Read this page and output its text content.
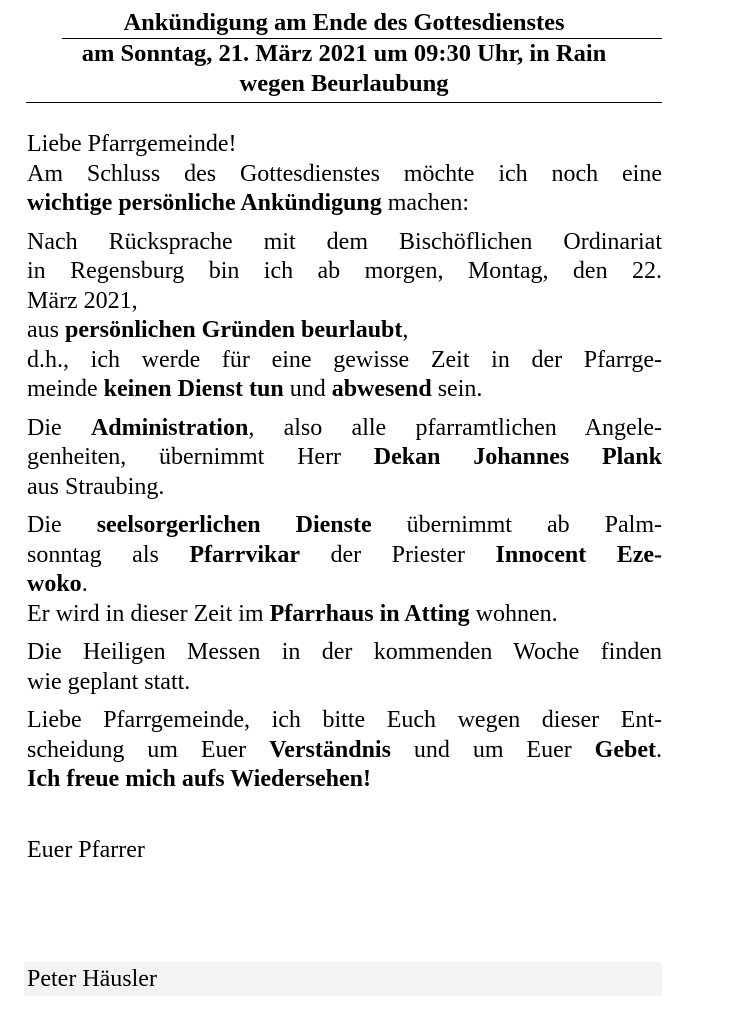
Ankündigung am Ende des Gottesdienstes
am Sonntag, 21. März 2021 um 09:30 Uhr, in Rain
wegen Beurlaubung

Liebe Pfarrgemeinde!
Am Schluss des Gottesdienstes möchte ich noch eine
wichtige persönliche Ankündigung machen:

Nach Rücksprache mit dem Bischöflichen Ordinariat
in Regensburg bin ich ab morgen, Montag, den 22.
März 2021,
aus persönlichen Gründen beurlaubt,
d.h., ich werde für eine gewisse Zeit in der Pfarrge-
meinde keinen Dienst tun und abwesend sein.

Die Administration, also alle pfarramtlichen Angele-
genheiten, übernimmt Herr Dekan Johannes Plank
aus Straubing.

Die seelsorgerlichen Dienste übernimmt ab Palm-
sonntag als Pfarrvikar der Priester Innocent Eze-
woko.
Er wird in dieser Zeit im Pfarrhaus in Atting wohnen.

Die Heiligen Messen in der kommenden Woche finden
wie geplant statt.

Liebe Pfarrgemeinde, ich bitte Euch wegen dieser Ent-
scheidung um Euer Verständnis und um Euer Gebet.
Ich freue mich aufs Wiedersehen!

Euer Pfarrer
Peter Häusler
